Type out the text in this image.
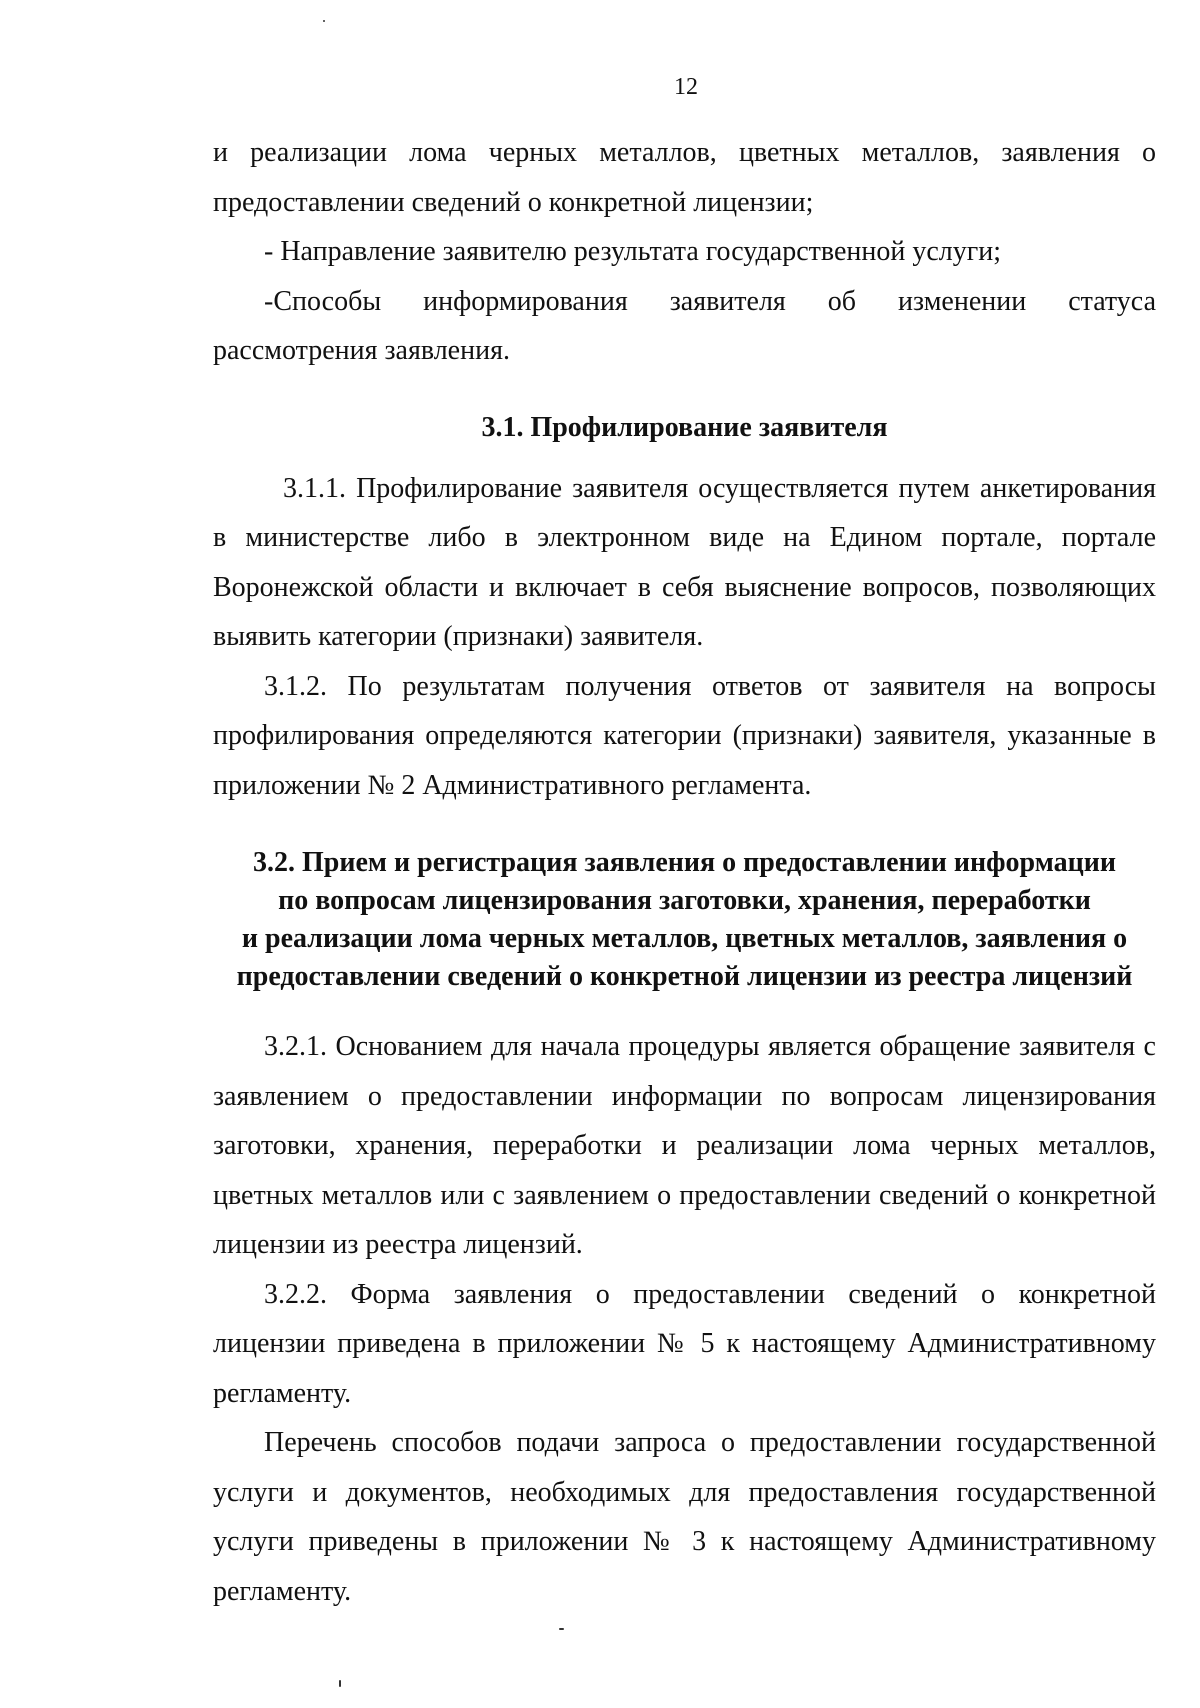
12

и реализации лома черных металлов, цветных металлов, заявления о предоставлении сведений о конкретной лицензии;

- Направление заявителю результата государственной услуги;

-Способы информирования заявителя об изменении статуса

рассмотрения заявления.

3.1. Профилирование заявителя

3.1.1. Профилирование заявителя осуществляется путем анкетирования в министерстве либо в электронном виде на Едином портале, портале Воронежской области и включает в себя выяснение вопросов, позволяющих выявить категории (признаки) заявителя.

3.1.2. По результатам получения ответов от заявителя на вопросы профилирования определяются категории (признаки) заявителя, указанные в приложении № 2 Административного регламента.

3.2. Прием и регистрация заявления о предоставлении информации
по вопросам лицензирования заготовки, хранения, переработки
и реализации лома черных металлов, цветных металлов, заявления о
предоставлении сведений о конкретной лицензии из реестра лицензий

3.2.1. Основанием для начала процедуры является обращение заявителя с заявлением о предоставлении информации по вопросам лицензирования заготовки, хранения, переработки и реализации лома черных металлов, цветных металлов или с заявлением о предоставлении сведений о конкретной лицензии из реестра лицензий.

3.2.2. Форма заявления о предоставлении сведений о конкретной лицензии приведена в приложении № 5 к настоящему Административному регламенту.

Перечень способов подачи запроса о предоставлении государственной услуги и документов, необходимых для предоставления государственной услуги приведены в приложении № 3 к настоящему Административному регламенту.
